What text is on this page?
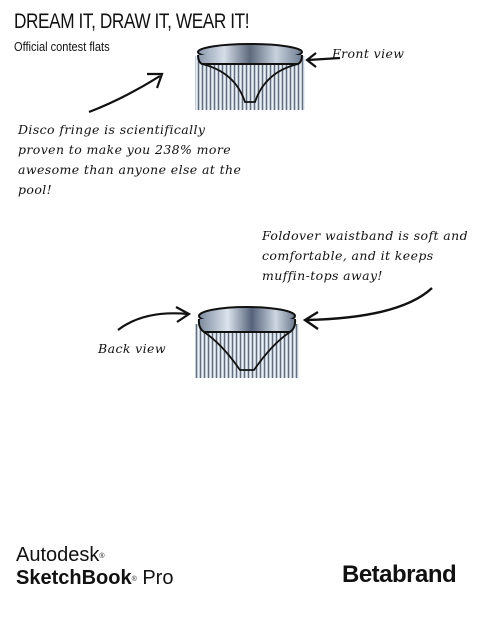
DREAM IT, DRAW IT, WEAR IT!
Official contest flats	Front view
Disco fringe is scientifically proven to make you 238% more awesome than anyone else at the pool!
Foldover waistband is soft and comfortable, and it keeps muffin-tops away!
Back view
Autodesk®
SketchBook® Pro	Betabrand
